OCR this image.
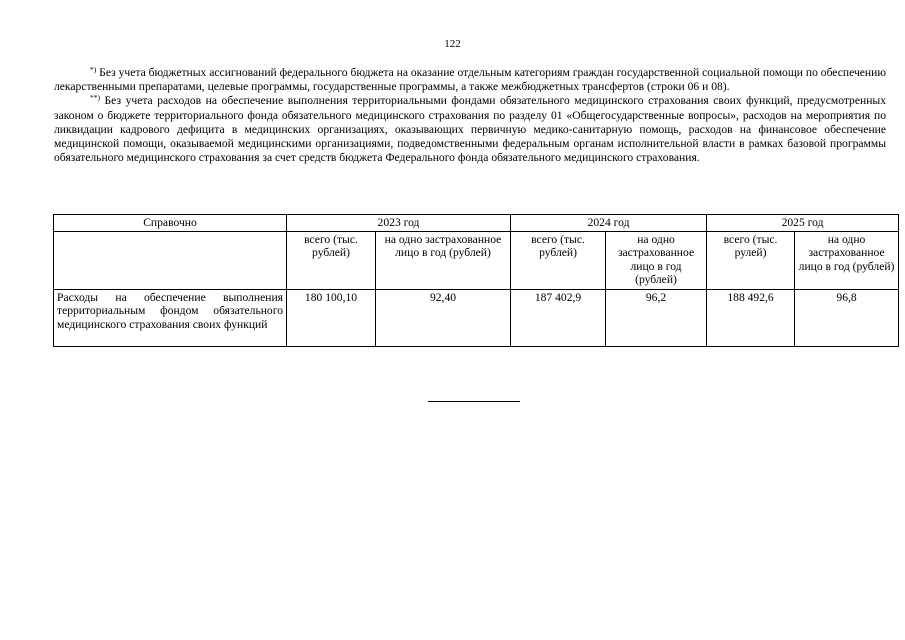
122

*) Без учета бюджетных ассигнований федерального бюджета на оказание отдельным категориям граждан государственной социальной помощи по обеспечению лекарственными препаратами, целевые программы, государственные программы, а также межбюджетных трансфертов (строки 06 и 08).

**) Без учета расходов на обеспечение выполнения территориальными фондами обязательного медицинского страхования своих функций, предусмотренных законом о бюджете территориального фонда обязательного медицинского страхования по разделу 01 «Общегосударственные вопросы», расходов на мероприятия по ликвидации кадрового дефицита в медицинских организациях, оказывающих первичную медико-санитарную помощь, расходов на финансовое обеспечение медицинской помощи, оказываемой медицинскими организациями, подведомственными федеральным органам исполнительной власти в рамках базовой программы обязательного медицинского страхования за счет средств бюджета Федерального фонда обязательного медицинского страхования.

Справочно	2023 год		2024 год		2025 год	
	всего (тыс. рублей)	на одно застрахованное лицо в год (рублей)	всего (тыс. рублей)	на одно застрахованное лицо в год (рублей)	всего (тыс. рулей)	на одно застрахованное лицо в год (рублей)
Расходы на обеспечение выполнения территориальным фондом обязательного медицинского страхования своих функций	180 100,10	92,40	187 402,9	96,2	188 492,6	96,8
